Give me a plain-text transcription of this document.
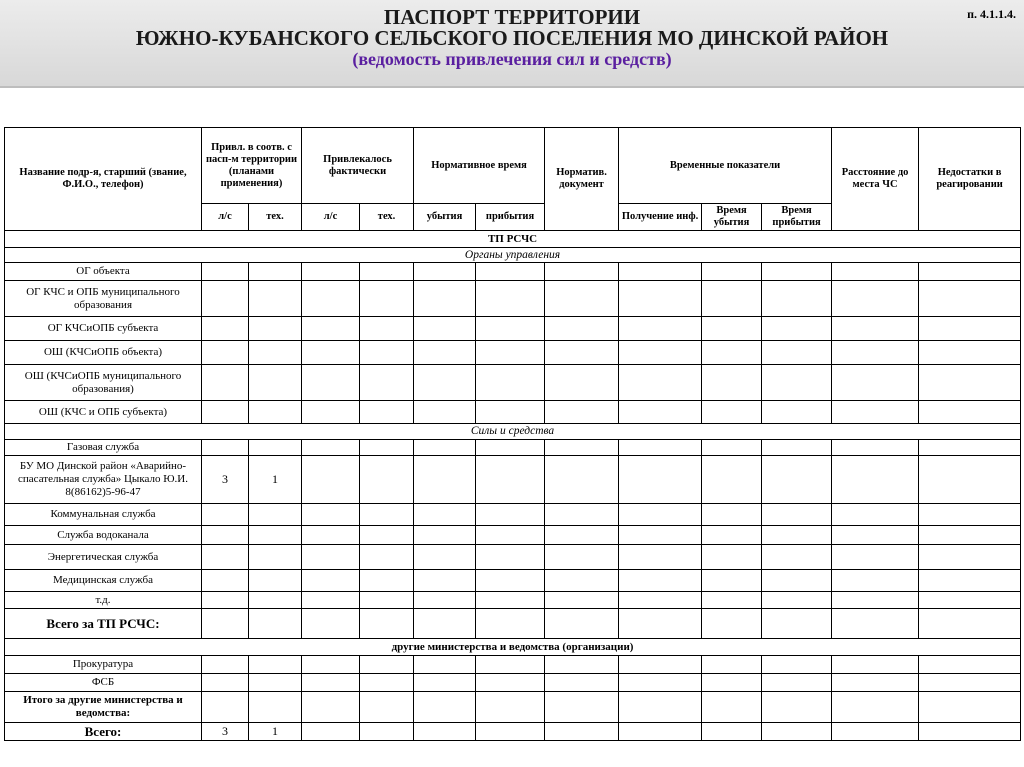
ПАСПОРТ ТЕРРИТОРИИ
ЮЖНО-КУБАНСКОГО СЕЛЬСКОГО ПОСЕЛЕНИЯ МО ДИНСКОЙ РАЙОН
(ведомость привлечения сил и средств)
п. 4.1.1.4.
Название подр-я, старший (звание, Ф.И.О., телефон)	Привл. в соотв. с пасп-м территории (планами применения)		Привлекалось фактически		Нормативное время		Норматив. документ	Временные показатели			Расстояние до места ЧС	Недостатки в реагировании
	л/с	тех.	л/с	тех.	убытия	прибытия		Получение инф.	Время убытия	Время прибытия		
ТП РСЧС												
Органы управления												
ОГ объекта												
ОГ КЧС и ОПБ муниципального образования												
ОГ КЧСиОПБ субъекта												
ОШ (КЧСиОПБ объекта)												
ОШ (КЧСиОПБ муниципального образования)												
ОШ (КЧС и ОПБ субъекта)												
Силы и средства												
Газовая служба												
БУ МО Динской район «Аварийно-спасательная служба» Цыкало Ю.И. 8(86162)5-96-47	3	1										
Коммунальная служба												
Служба водоканала												
Энергетическая служба												
Медицинская служба												
т.д.												
Всего за ТП РСЧС:												
другие министерства и ведомства (организации)												
Прокуратура												
ФСБ												
Итого за другие министерства и ведомства:												
Всего:	3	1										
